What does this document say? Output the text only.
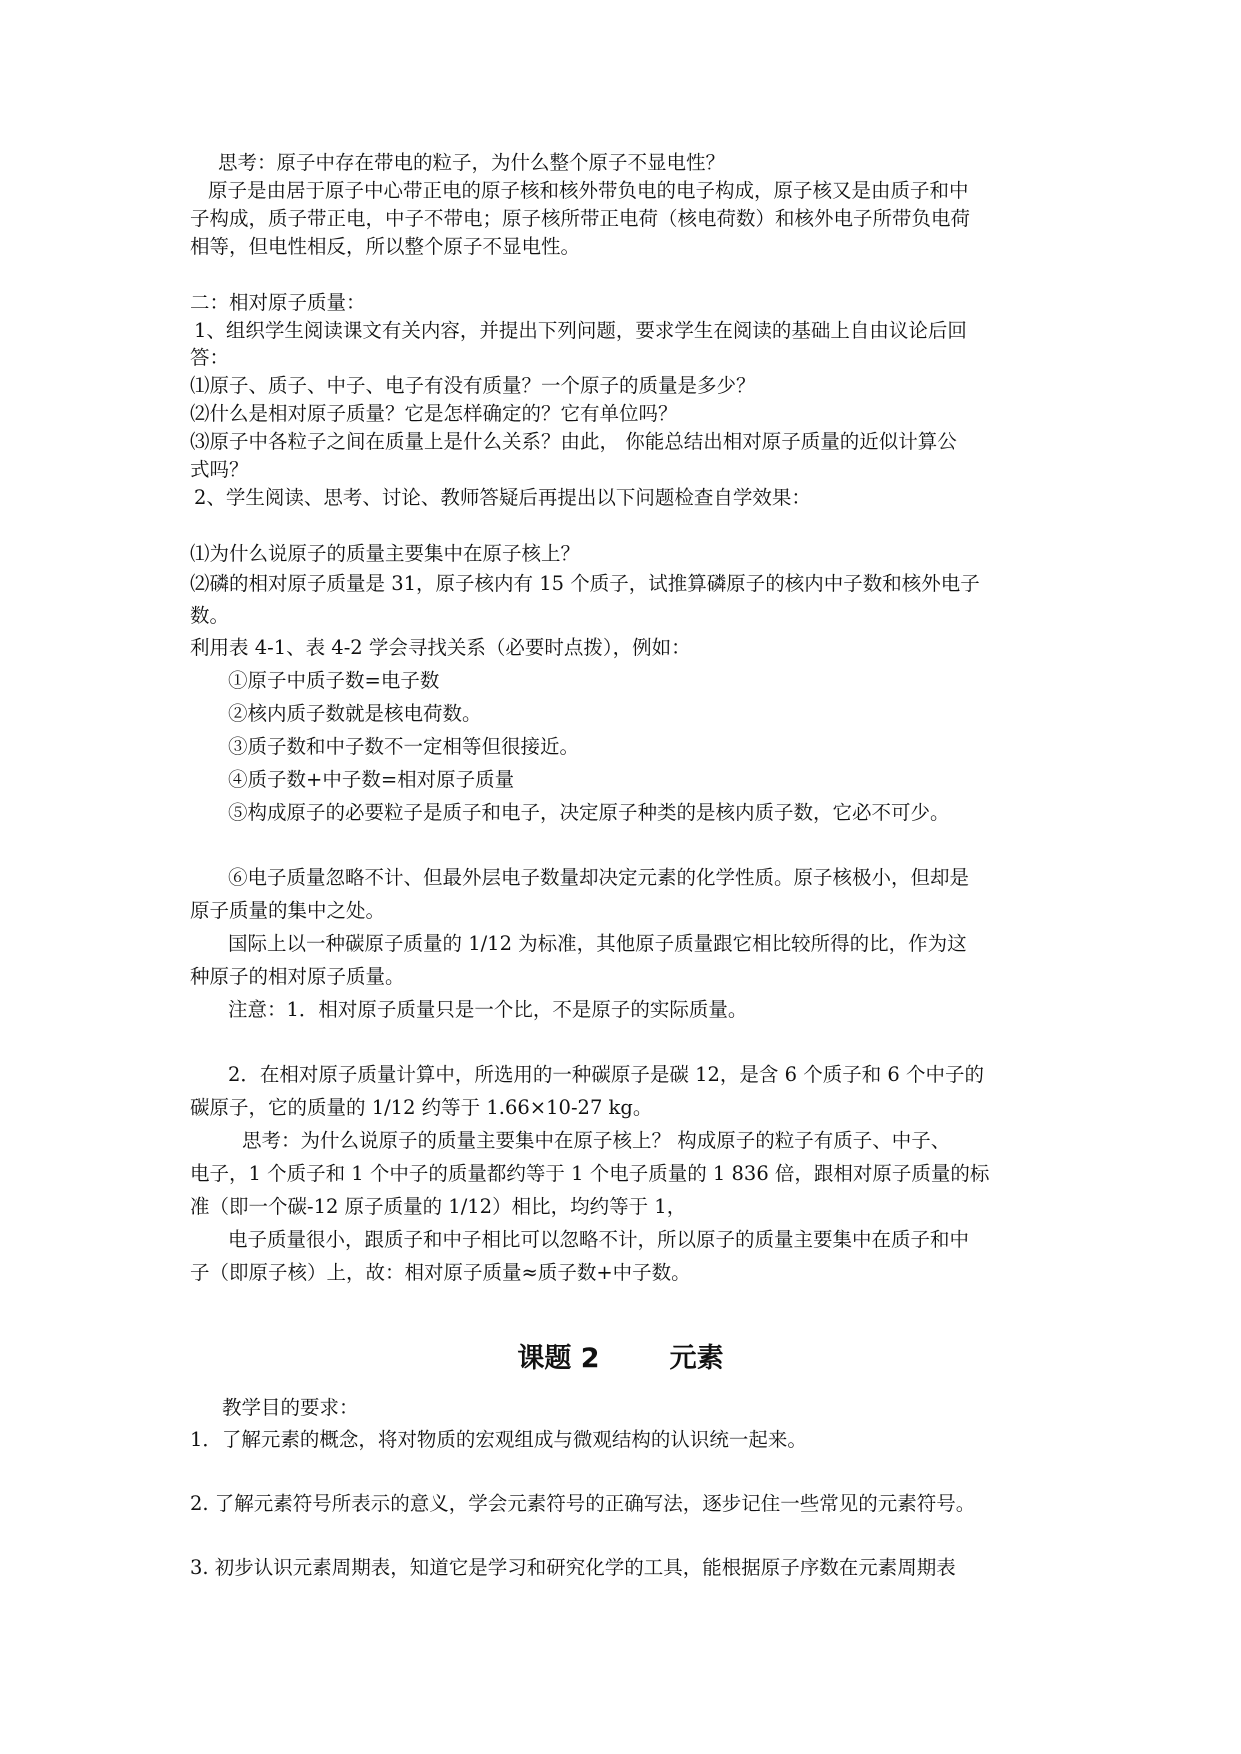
思考：原子中存在带电的粒子，为什么整个原子不显电性？
原子是由居于原子中心带正电的原子核和核外带负电的电子构成，原子核又是由质子和中
子构成，质子带正电，中子不带电；原子核所带正电荷（核电荷数）和核外电子所带负电荷
相等，但电性相反，所以整个原子不显电性。
二：相对原子质量：
1、组织学生阅读课文有关内容，并提出下列问题，要求学生在阅读的基础上自由议论后回
答：
⑴原子、质子、中子、电子有没有质量？一个原子的质量是多少？
⑵什么是相对原子质量？它是怎样确定的？它有单位吗？
⑶原子中各粒子之间在质量上是什么关系？由此， 你能总结出相对原子质量的近似计算公
式吗？
2、学生阅读、思考、讨论、教师答疑后再提出以下问题检查自学效果：
⑴为什么说原子的质量主要集中在原子核上？
⑵磷的相对原子质量是 31，原子核内有 15 个质子，试推算磷原子的核内中子数和核外电子
数。
利用表 4-1、表 4-2 学会寻找关系（必要时点拨），例如：
①原子中质子数=电子数
②核内质子数就是核电荷数。
③质子数和中子数不一定相等但很接近。
④质子数+中子数=相对原子质量
⑤构成原子的必要粒子是质子和电子，决定原子种类的是核内质子数，它必不可少。
⑥电子质量忽略不计、但最外层电子数量却决定元素的化学性质。原子核极小，但却是
原子质量的集中之处。
国际上以一种碳原子质量的 1/12 为标准，其他原子质量跟它相比较所得的比，作为这
种原子的相对原子质量。
注意：1．相对原子质量只是一个比，不是原子的实际质量。
2．在相对原子质量计算中，所选用的一种碳原子是碳 12，是含 6 个质子和 6 个中子的
碳原子，它的质量的 1/12 约等于 1.66×10-27 kg。
思考：为什么说原子的质量主要集中在原子核上？ 构成原子的粒子有质子、中子、
电子，1 个质子和 1 个中子的质量都约等于 1 个电子质量的 1 836 倍，跟相对原子质量的标
准（即一个碳-12 原子质量的 1/12）相比，均约等于 1，
电子质量很小，跟质子和中子相比可以忽略不计，所以原子的质量主要集中在质子和中
子（即原子核）上，故：相对原子质量≈质子数+中子数。
课题 2	元素
教学目的要求：
1．了解元素的概念，将对物质的宏观组成与微观结构的认识统一起来。
2. 了解元素符号所表示的意义，学会元素符号的正确写法，逐步记住一些常见的元素符号。
3. 初步认识元素周期表，知道它是学习和研究化学的工具，能根据原子序数在元素周期表
